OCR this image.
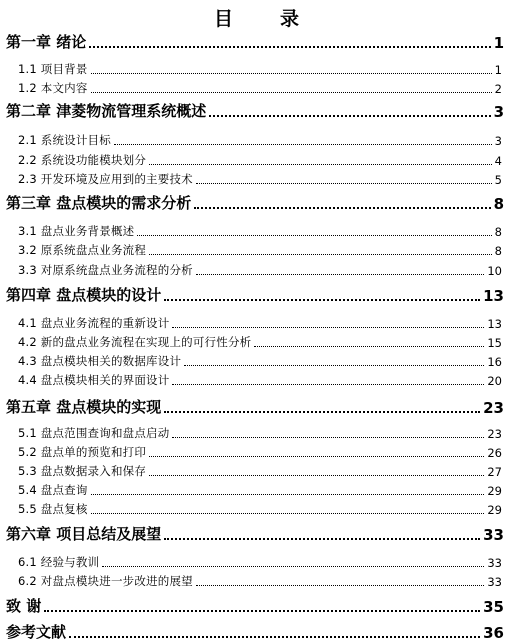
目 录
第一章 绪论	1
1.1 项目背景	1
1.2 本文内容	2
第二章 津菱物流管理系统概述	3
2.1 系统设计目标	3
2.2 系统设功能模块划分	4
2.3 开发环境及应用到的主要技术	5
第三章 盘点模块的需求分析	8
3.1 盘点业务背景概述	8
3.2 原系统盘点业务流程	8
3.3 对原系统盘点业务流程的分析	10
第四章 盘点模块的设计	13
4.1 盘点业务流程的重新设计	13
4.2 新的盘点业务流程在实现上的可行性分析	15
4.3 盘点模块相关的数据库设计	16
4.4 盘点模块相关的界面设计	20
第五章 盘点模块的实现	23
5.1 盘点范围查询和盘点启动	23
5.2 盘点单的预览和打印	26
5.3 盘点数据录入和保存	27
5.4 盘点查询	29
5.5 盘点复核	29
第六章 项目总结及展望	33
6.1 经验与教训	33
6.2 对盘点模块进一步改进的展望	33
致 谢	35
参考文献	36
